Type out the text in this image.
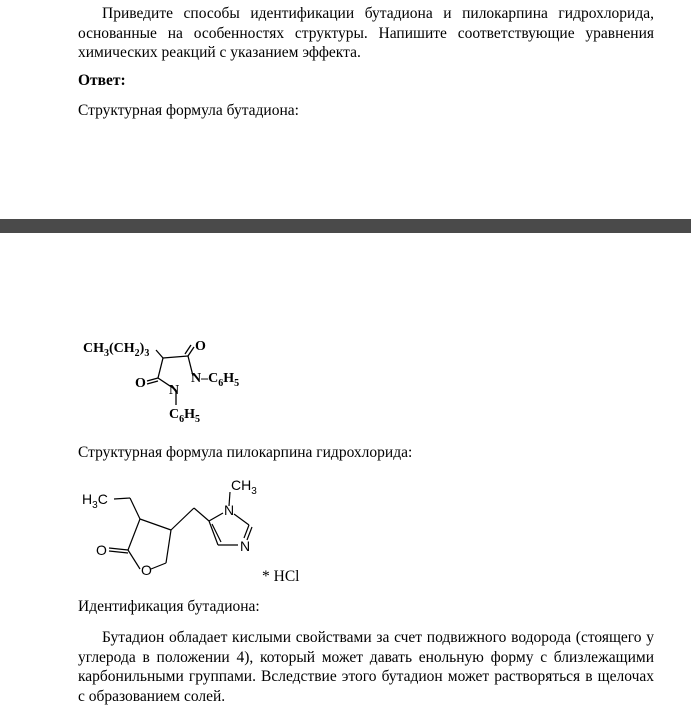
Приведите способы идентификации бутадиона и пилокарпина гидрохлорида, основанные на особенностях структуры. Напишите соответствующие уравнения химических реакций с указанием эффекта.

Ответ:

Структурная формула бутадиона:

$CH_3(CH_2)_3$	O
O N
$N-C_6H_5$
$C_6H_5$

Структурная формула пилокарпина гидрохлорида:

$H_3C$
$CH_3$
N
N
O
O	* HCl

Идентификация бутадиона:

Бутадион обладает кислыми свойствами за счет подвижного водорода (стоящего у углерода в положении 4), который может давать енольную форму с близлежащими карбонильными группами. Вследствие этого бутадион может растворяться в щелочах с образованием солей.
